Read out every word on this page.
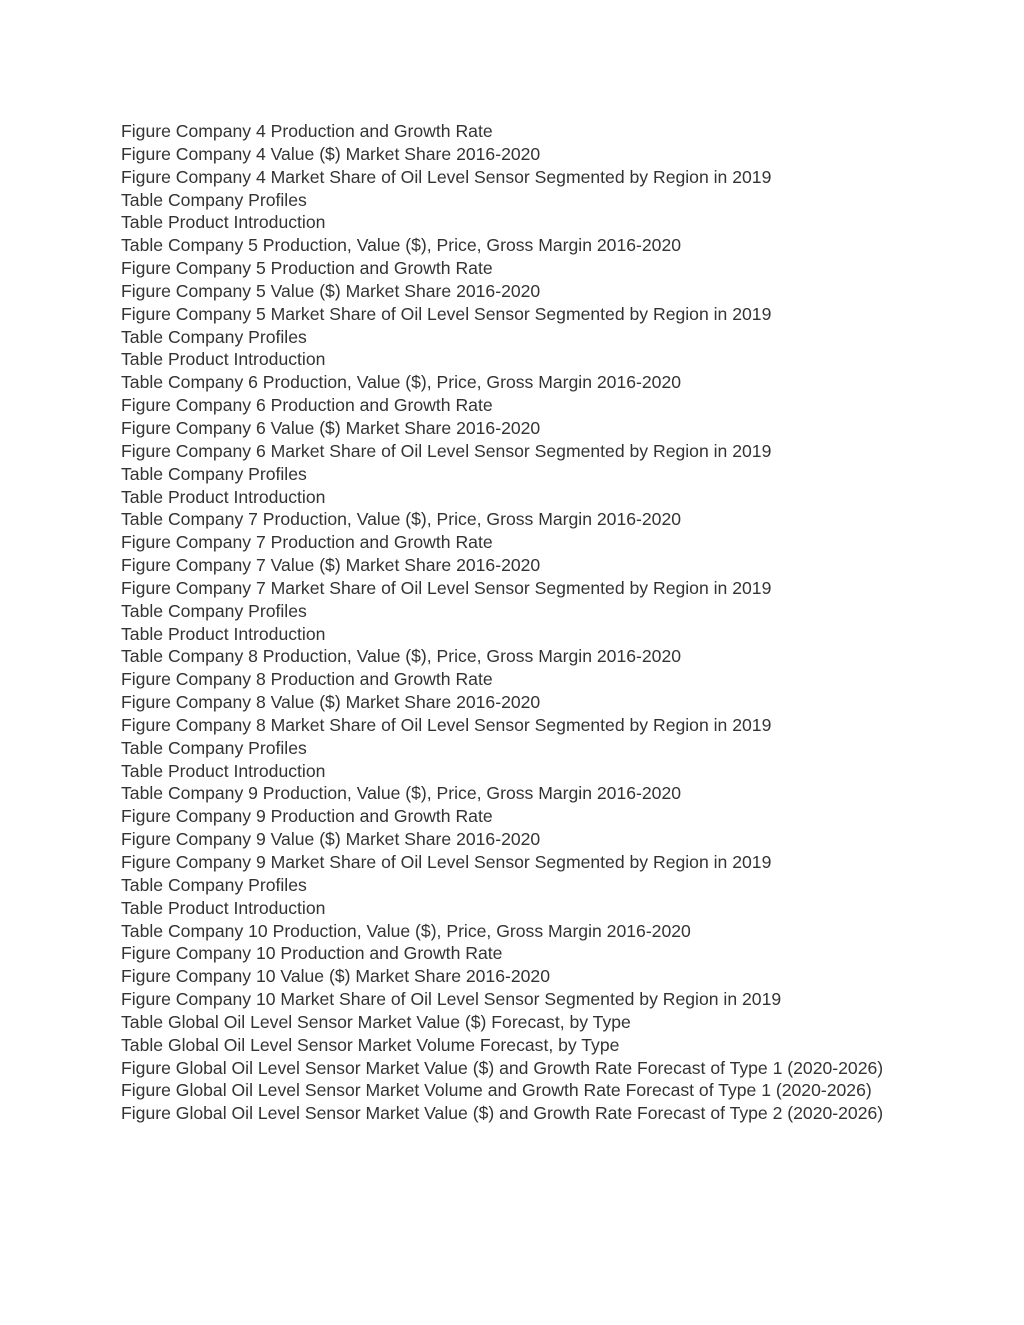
Figure Company 4 Production and Growth Rate
Figure Company 4 Value ($) Market Share 2016-2020
Figure Company 4 Market Share of Oil Level Sensor Segmented by Region in 2019
Table Company Profiles
Table Product Introduction
Table Company 5 Production, Value ($), Price, Gross Margin 2016-2020
Figure Company 5 Production and Growth Rate
Figure Company 5 Value ($) Market Share 2016-2020
Figure Company 5 Market Share of Oil Level Sensor Segmented by Region in 2019
Table Company Profiles
Table Product Introduction
Table Company 6 Production, Value ($), Price, Gross Margin 2016-2020
Figure Company 6 Production and Growth Rate
Figure Company 6 Value ($) Market Share 2016-2020
Figure Company 6 Market Share of Oil Level Sensor Segmented by Region in 2019
Table Company Profiles
Table Product Introduction
Table Company 7 Production, Value ($), Price, Gross Margin 2016-2020
Figure Company 7 Production and Growth Rate
Figure Company 7 Value ($) Market Share 2016-2020
Figure Company 7 Market Share of Oil Level Sensor Segmented by Region in 2019
Table Company Profiles
Table Product Introduction
Table Company 8 Production, Value ($), Price, Gross Margin 2016-2020
Figure Company 8 Production and Growth Rate
Figure Company 8 Value ($) Market Share 2016-2020
Figure Company 8 Market Share of Oil Level Sensor Segmented by Region in 2019
Table Company Profiles
Table Product Introduction
Table Company 9 Production, Value ($), Price, Gross Margin 2016-2020
Figure Company 9 Production and Growth Rate
Figure Company 9 Value ($) Market Share 2016-2020
Figure Company 9 Market Share of Oil Level Sensor Segmented by Region in 2019
Table Company Profiles
Table Product Introduction
Table Company 10 Production, Value ($), Price, Gross Margin 2016-2020
Figure Company 10 Production and Growth Rate
Figure Company 10 Value ($) Market Share 2016-2020
Figure Company 10 Market Share of Oil Level Sensor Segmented by Region in 2019
Table Global Oil Level Sensor Market Value ($) Forecast, by Type
Table Global Oil Level Sensor Market Volume Forecast, by Type
Figure Global Oil Level Sensor Market Value ($) and Growth Rate Forecast of Type 1 (2020-2026)
Figure Global Oil Level Sensor Market Volume and Growth Rate Forecast of Type 1 (2020-2026)
Figure Global Oil Level Sensor Market Value ($) and Growth Rate Forecast of Type 2 (2020-2026)
